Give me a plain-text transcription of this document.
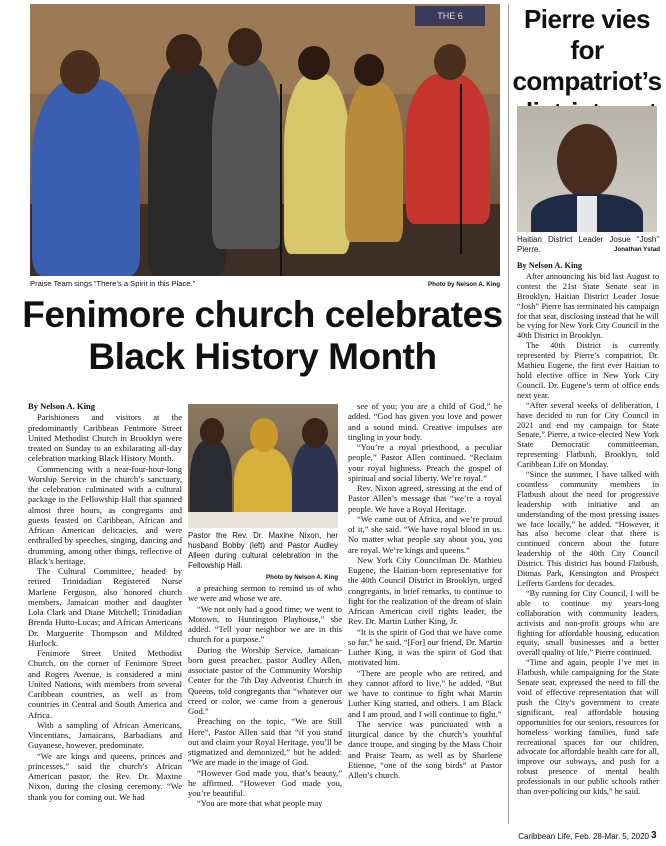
THE 6
Praise Team sings “There’s a Spirit in this Place.”	Photo by Nelson A. King
Pierre vies for
compatriot’s
Haitian District Leader Josue “Josh” Pierre.	Jonathan Ystad

By Nelson A. King

After announcing his bid last August to contest the 21st State Senate seat in Brooklyn, Haitian District Leader Josue “Josh” Pierre has terminated his campaign for that seat, disclosing instead that he will be vying for New York City Council in the 40th District in Brooklyn.

The 40th District is currently represented by Pierre’s compatriot, Dr. Mathieu Eugene, the first ever Haitian to hold elective office in New York City Council. Dr. Eugene’s term of office ends next year.

“After several weeks of deliberation, I have decided to run for City Council in 2021 and end my campaign for State Senate,” Pierre, a twice-elected New York State Democratic committeeman, representing Flatbush, Brooklyn, told Caribbean Life on Monday.

“Since the summer, I have talked with countless community members in Flatbush about the need for progressive leadership with initiative and an understanding of the most pressing issues we face locally,” he added. “However, it has also become clear that there is continued concern about the future leadership of the 40th City Council District. This district has bound Flatbush, Ditmas Park, Kensington and Prospect Lefferts Gardens for decades.

“By running for City Council, I will be able to continue my years-long collaboration with community leaders, activists and non-profit groups who are fighting for affordable housing, education equity, small businesses and a better overall quality of life,” Pierre continued.

“Time and again, people I’ve met in Flatbush, while campaigning for the State Senate seat, expressed the need to fill the void of effective representation that will push the City’s government to create significant, real affordable housing opportunities for our seniors, resources for homeless working families, fund safe recreational spaces for our children, advocate for affordable health care for all, improve our subways, and push for a robust presence of mental health professionals in our public schools rather than over-policing our kids,” he said.

Fenimore church celebrates
Black History Month

By Nelson A. King

Parishioners and visitors at the predominantly Caribbean Fenimore Street United Methodist Church in Brooklyn were treated on Sunday to an exhilarating all-day celebration marking Black History Month.

Commencing with a near-four-hour-long Worship Service in the church’s sanctuary, the celebration culminated with a cultural package in the Fellowship Hall that spanned almost three hours, as congregants and guests feasted on Caribbean, African and African American delicacies, and were enthralled by speeches, singing, dancing and drumming, among other things, reflective of Black’s heritage.

The Cultural Committee, headed by retired Trinidadian Registered Nurse Marlene Ferguson, also honored church members, Jamaican mother and daughter Lola Clark and Diane Mitchell; Trinidadian Brenda Hutto-Lucas; and African Americans Dr. Marguerite Thompson and Mildred Hurlock.

Fenimore Street United Methodist Church, on the corner of Fenimore Street and Rogers Avenue, is considered a mini United Nations, with members from several Caribbean countries, as well as from countries in Central and South America and Africa.

With a sampling of African Americans, Vincentians, Jamaicans, Barbadians and Guyanese, however, predominate.

“We are kings and queens, princes and princesses,” said the church’s African American pastor, the Rev. Dr. Maxine Nixon, during the closing ceremony. “We thank you for coming out. We had

Pastor the Rev. Dr. Maxine Nixon, her husband Bobby (left) and Pastor Audley Alleen during cultural celebration in the Fellowship Hall.
Photo by Nelson A. King

a preaching sermon to remind us of who we were and whose we are.

“We not only had a good time; we went to Motown, to Huntington Playhouse,” she added. “Tell your neighbor we are in this church for a purpose.”

During the Worship Service, Jamaican-born guest preacher, pastor Audley Allen, associate pastor of the Community Worship Center for the 7th Day Adventist Church in Queens, told congregants that “whatever our creed or color, we came from a generous God.”

Preaching on the topic, “We are Still Here”, Pastor Allen said that “if you stand out and claim your Royal Heritage, you’ll be stigmatized and demonized,” but he added: “We are made in the image of God.

“However God made you, that’s beauty,” he affirmed. “However God made you, you’re beautiful.

“You are more that what people may

see of you; you are a child of God,” he added. “God has given you love and power and a sound mind. Creative impulses are tingling in your body.

“You’re a royal priesthood, a peculiar people,” Pastor Allen continued. “Reclaim your royal highness. Preach the gospel of spiritual and social liberty. We’re royal.”

Rev. Nixon agreed, stressing at the end of Pastor Allen’s message that “we’re a royal people. We have a Royal Heritage.

“We came out of Africa, and we’re proud of it,” she said. “We have royal blood in us. No matter what people say about you, you are royal. We’re kings and queens.”

New York City Councilman Dr. Mathieu Eugene, the Haitian-born representative for the 40th Council District in Brooklyn, urged congregants, in brief remarks, to continue to fight for the realization of the dream of slain African American civil rights leader, the Rev. Dr. Martin Luther King, Jr.

“It is the spirit of God that we have come so far,” he said. “[For] our friend, Dr. Martin Luther King, it was the spirit of God that motivated him.

“There are people who are retired, and they cannot afford to live,” he added. “But we have to continue to fight what Martin Luther King started, and others. I am Black and I am proud, and I will continue to fight.”

The service was punctuated with a liturgical dance by the church’s youthful dance troupe, and singing by the Mass Choir and Praise Team, as well as by Sharlene Etienne, “one of the song birds” at Pastor Allen’s church.

Caribbean Life, Feb. 28-Mar. 5, 2020 3
